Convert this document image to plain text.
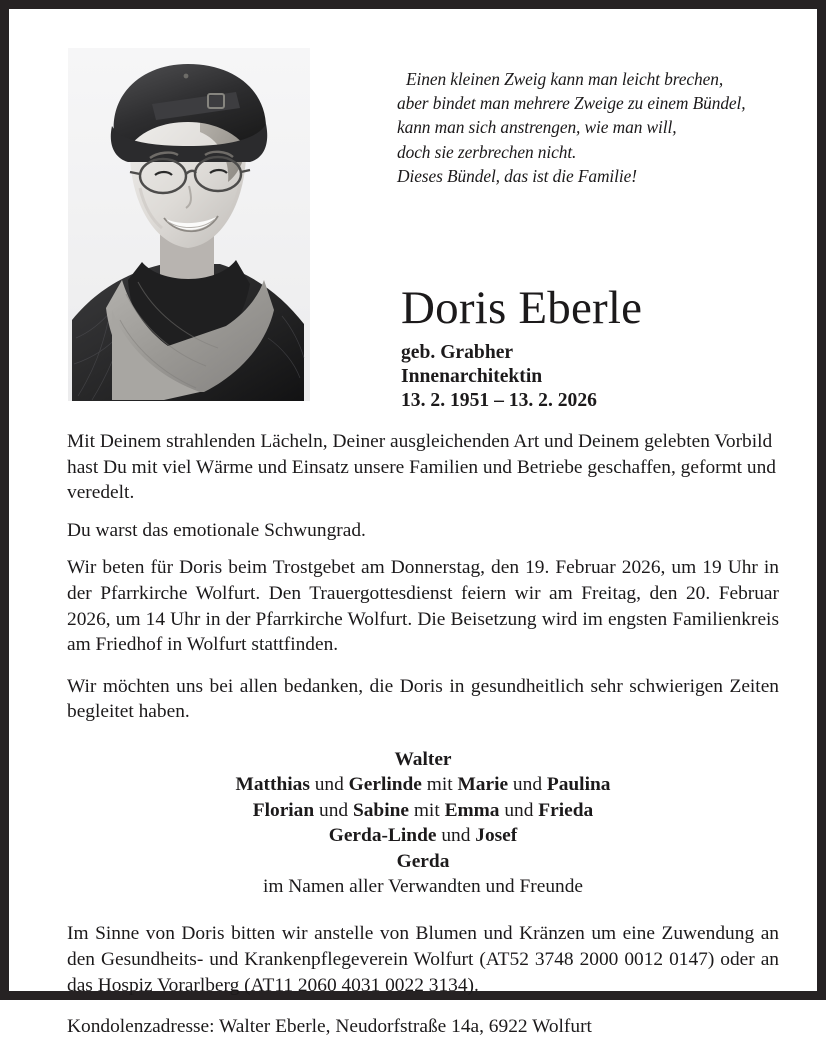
Einen kleinen Zweig kann man leicht brechen,
aber bindet man mehrere Zweige zu einem Bündel,
kann man sich anstrengen, wie man will,
doch sie zerbrechen nicht.
Dieses Bündel, das ist die Familie!
Doris Eberle
geb. Grabher
Innenarchitektin
13. 2. 1951 – 13. 2. 2026

Mit Deinem strahlenden Lächeln, Deiner ausgleichenden Art und Deinem gelebten Vorbild hast Du mit viel Wärme und Einsatz unsere Familien und Betriebe geschaffen, geformt und veredelt.

Du warst das emotionale Schwungrad.

Wir beten für Doris beim Trostgebet am Donnerstag, den 19. Februar 2026, um 19 Uhr in der Pfarrkirche Wolfurt. Den Trauergottesdienst feiern wir am Freitag, den 20. Februar 2026, um 14 Uhr in der Pfarrkirche Wolfurt. Die Beisetzung wird im engsten Familienkreis am Friedhof in Wolfurt stattfinden.

Wir möchten uns bei allen bedanken, die Doris in gesundheitlich sehr schwierigen Zeiten begleitet haben.

Walter
Matthias und Gerlinde mit Marie und Paulina
Florian und Sabine mit Emma und Frieda
Gerda-Linde und Josef
Gerda
im Namen aller Verwandten und Freunde

Im Sinne von Doris bitten wir anstelle von Blumen und Kränzen um eine Zuwendung an den Gesundheits- und Krankenpflegeverein Wolfurt (AT52 3748 2000 0012 0147) oder an das Hospiz Vorarlberg (AT11 2060 4031 0022 3134).

Kondolenzadresse: Walter Eberle, Neudorfstraße 14a, 6922 Wolfurt
